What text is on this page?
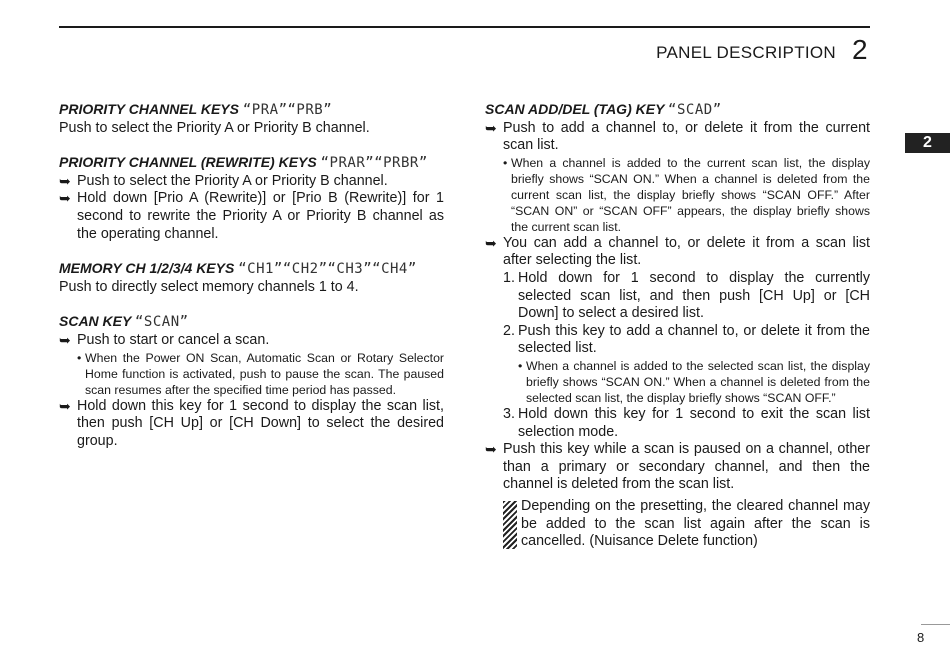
PANEL DESCRIPTION 2
2

PRIORITY CHANNEL KEYS “PRA”“PRB”

Push to select the Priority A or Priority B channel.

PRIORITY CHANNEL (REWRITE) KEYS “PRAR”“PRBR”

➥ Push to select the Priority A or Priority B channel.

➥ Hold down [Prio A (Rewrite)] or [Prio B (Rewrite)] for 1 second to rewrite the Priority A or Priority B channel as the operating channel.

MEMORY CH 1/2/3/4 KEYS “CH1”“CH2”“CH3”“CH4”

Push to directly select memory channels 1 to 4.

SCAN KEY “SCAN”

➥ Push to start or cancel a scan.

• When the Power ON Scan, Automatic Scan or Rotary Selector Home function is activated, push to pause the scan. The paused scan resumes after the specified time period has passed.

➥ Hold down this key for 1 second to display the scan list, then push [CH Up] or [CH Down] to select the desired group.

SCAN ADD/DEL (TAG) KEY “SCAD”

➥ Push to add a channel to, or delete it from the current scan list.

• When a channel is added to the current scan list, the display briefly shows “SCAN ON.” When a channel is deleted from the current scan list, the display briefly shows “SCAN OFF.” After “SCAN ON” or “SCAN OFF” appears, the display briefly shows the current scan list.

➥ You can add a channel to, or delete it from a scan list after selecting the list.

1. Hold down for 1 second to display the currently selected scan list, and then push [CH Up] or [CH Down] to select a desired list.

2. Push this key to add a channel to, or delete it from the selected list.

• When a channel is added to the selected scan list, the display briefly shows “SCAN ON.” When a channel is deleted from the selected scan list, the display briefly shows “SCAN OFF.”

3. Hold down this key for 1 second to exit the scan list selection mode.

➥ Push this key while a scan is paused on a channel, other than a primary or secondary channel, and then the channel is deleted from the scan list.

Depending on the presetting, the cleared channel may be added to the scan list again after the scan is cancelled. (Nuisance Delete function)

8
